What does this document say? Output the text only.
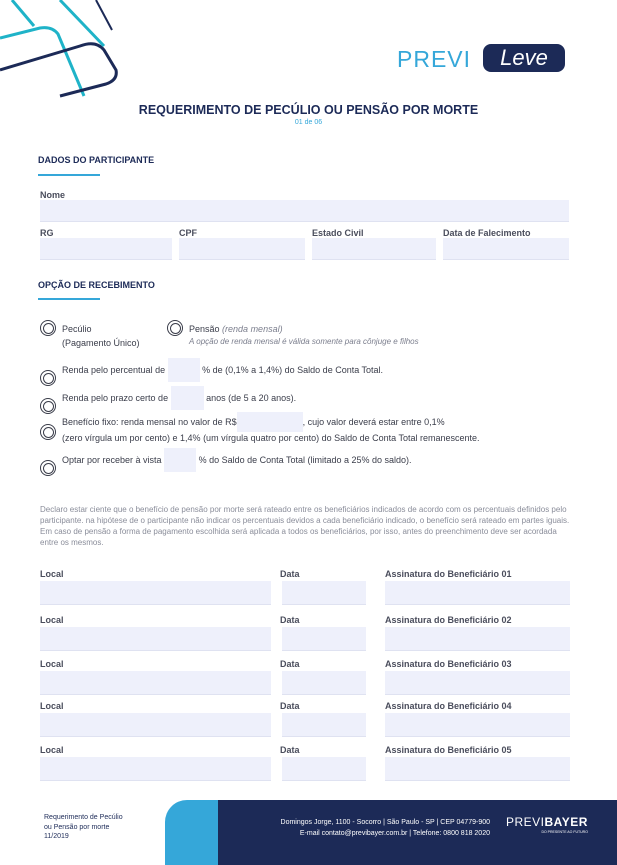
PREVI	Leve
REQUERIMENTO DE PECÚLIO OU PENSÃO POR MORTE
01 de 06
DADOS DO PARTICIPANTE
Nome
RG	CPF	Estado Civil	Data de Falecimento
OPÇÃO DE RECEBIMENTO
Pecúlio
(Pagamento Único)
Pensão (renda mensal)
A opção de renda mensal é válida somente para cônjuge e filhos
Renda pelo percentual de	% de (0,1% a 1,4%) do Saldo de Conta Total.
Renda pelo prazo certo de	anos (de 5 a 20 anos).
Benefício fixo: renda mensal no valor de R$	, cujo valor deverá estar entre 0,1%
(zero vírgula um por cento) e 1,4% (um vírgula quatro por cento) do Saldo de Conta Total remanescente.
Optar por receber à vista	% do Saldo de Conta Total (limitado a 25% do saldo).
Declaro estar ciente que o benefício de pensão por morte será rateado entre os beneficiários indicados de acordo com os percentuais definidos pelo participante. na hipótese de o participante não indicar os percentuais devidos a cada beneficiário indicado, o benefício será rateado em partes iguais. Em caso de pensão a forma de pagamento escolhida será aplicada a todos os beneficiários, por isso, antes do preenchimento deve ser acordada entre os mesmos.
Local	Data	Assinatura do Beneficiário 01
Local	Data	Assinatura do Beneficiário 02
Local	Data	Assinatura do Beneficiário 03
Local	Data	Assinatura do Beneficiário 04
Local	Data	Assinatura do Beneficiário 05
Requerimento de Pecúlio
ou Pensão por morte
11/2019
Domingos Jorge, 1100 - Socorro | São Paulo - SP | CEP 04779-900
E-mail contato@previbayer.com.br | Telefone: 0800 818 2020
PREVIBAYER
DO PRESENTE AO FUTURO
